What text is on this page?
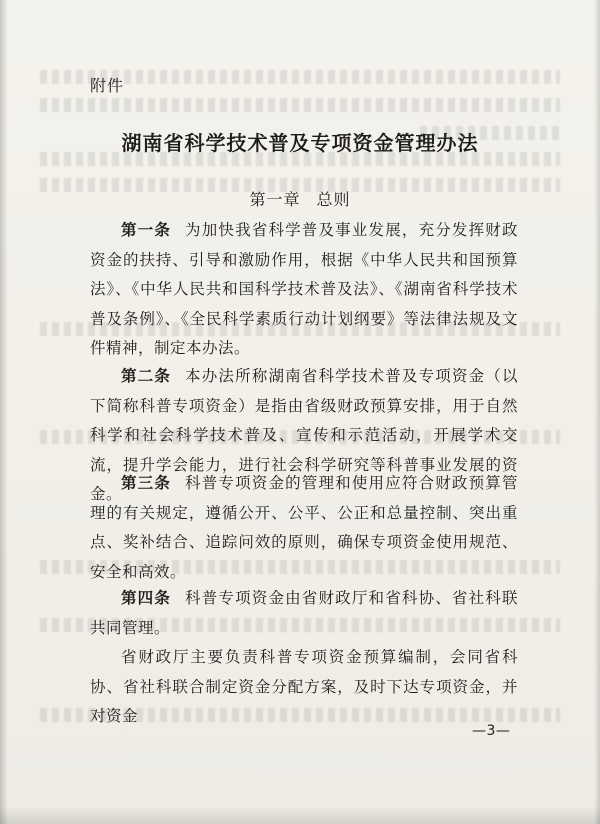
附件
湖南省科学技术普及专项资金管理办法
第一章 总则

第一条 为加快我省科学普及事业发展，充分发挥财政资金的扶持、引导和激励作用，根据《中华人民共和国预算法》、《中华人民共和国科学技术普及法》、《湖南省科学技术普及条例》、《全民科学素质行动计划纲要》等法律法规及文件精神，制定本办法。

第二条 本办法所称湖南省科学技术普及专项资金（以下简称科普专项资金）是指由省级财政预算安排，用于自然科学和社会科学技术普及、宣传和示范活动，开展学术交流，提升学会能力，进行社会科学研究等科普事业发展的资金。

第三条 科普专项资金的管理和使用应符合财政预算管理的有关规定，遵循公开、公平、公正和总量控制、突出重点、奖补结合、追踪问效的原则，确保专项资金使用规范、安全和高效。

第四条 科普专项资金由省财政厅和省科协、省社科联共同管理。

省财政厅主要负责科普专项资金预算编制，会同省科协、省社科联合制定资金分配方案，及时下达专项资金，并对资金

—3—
